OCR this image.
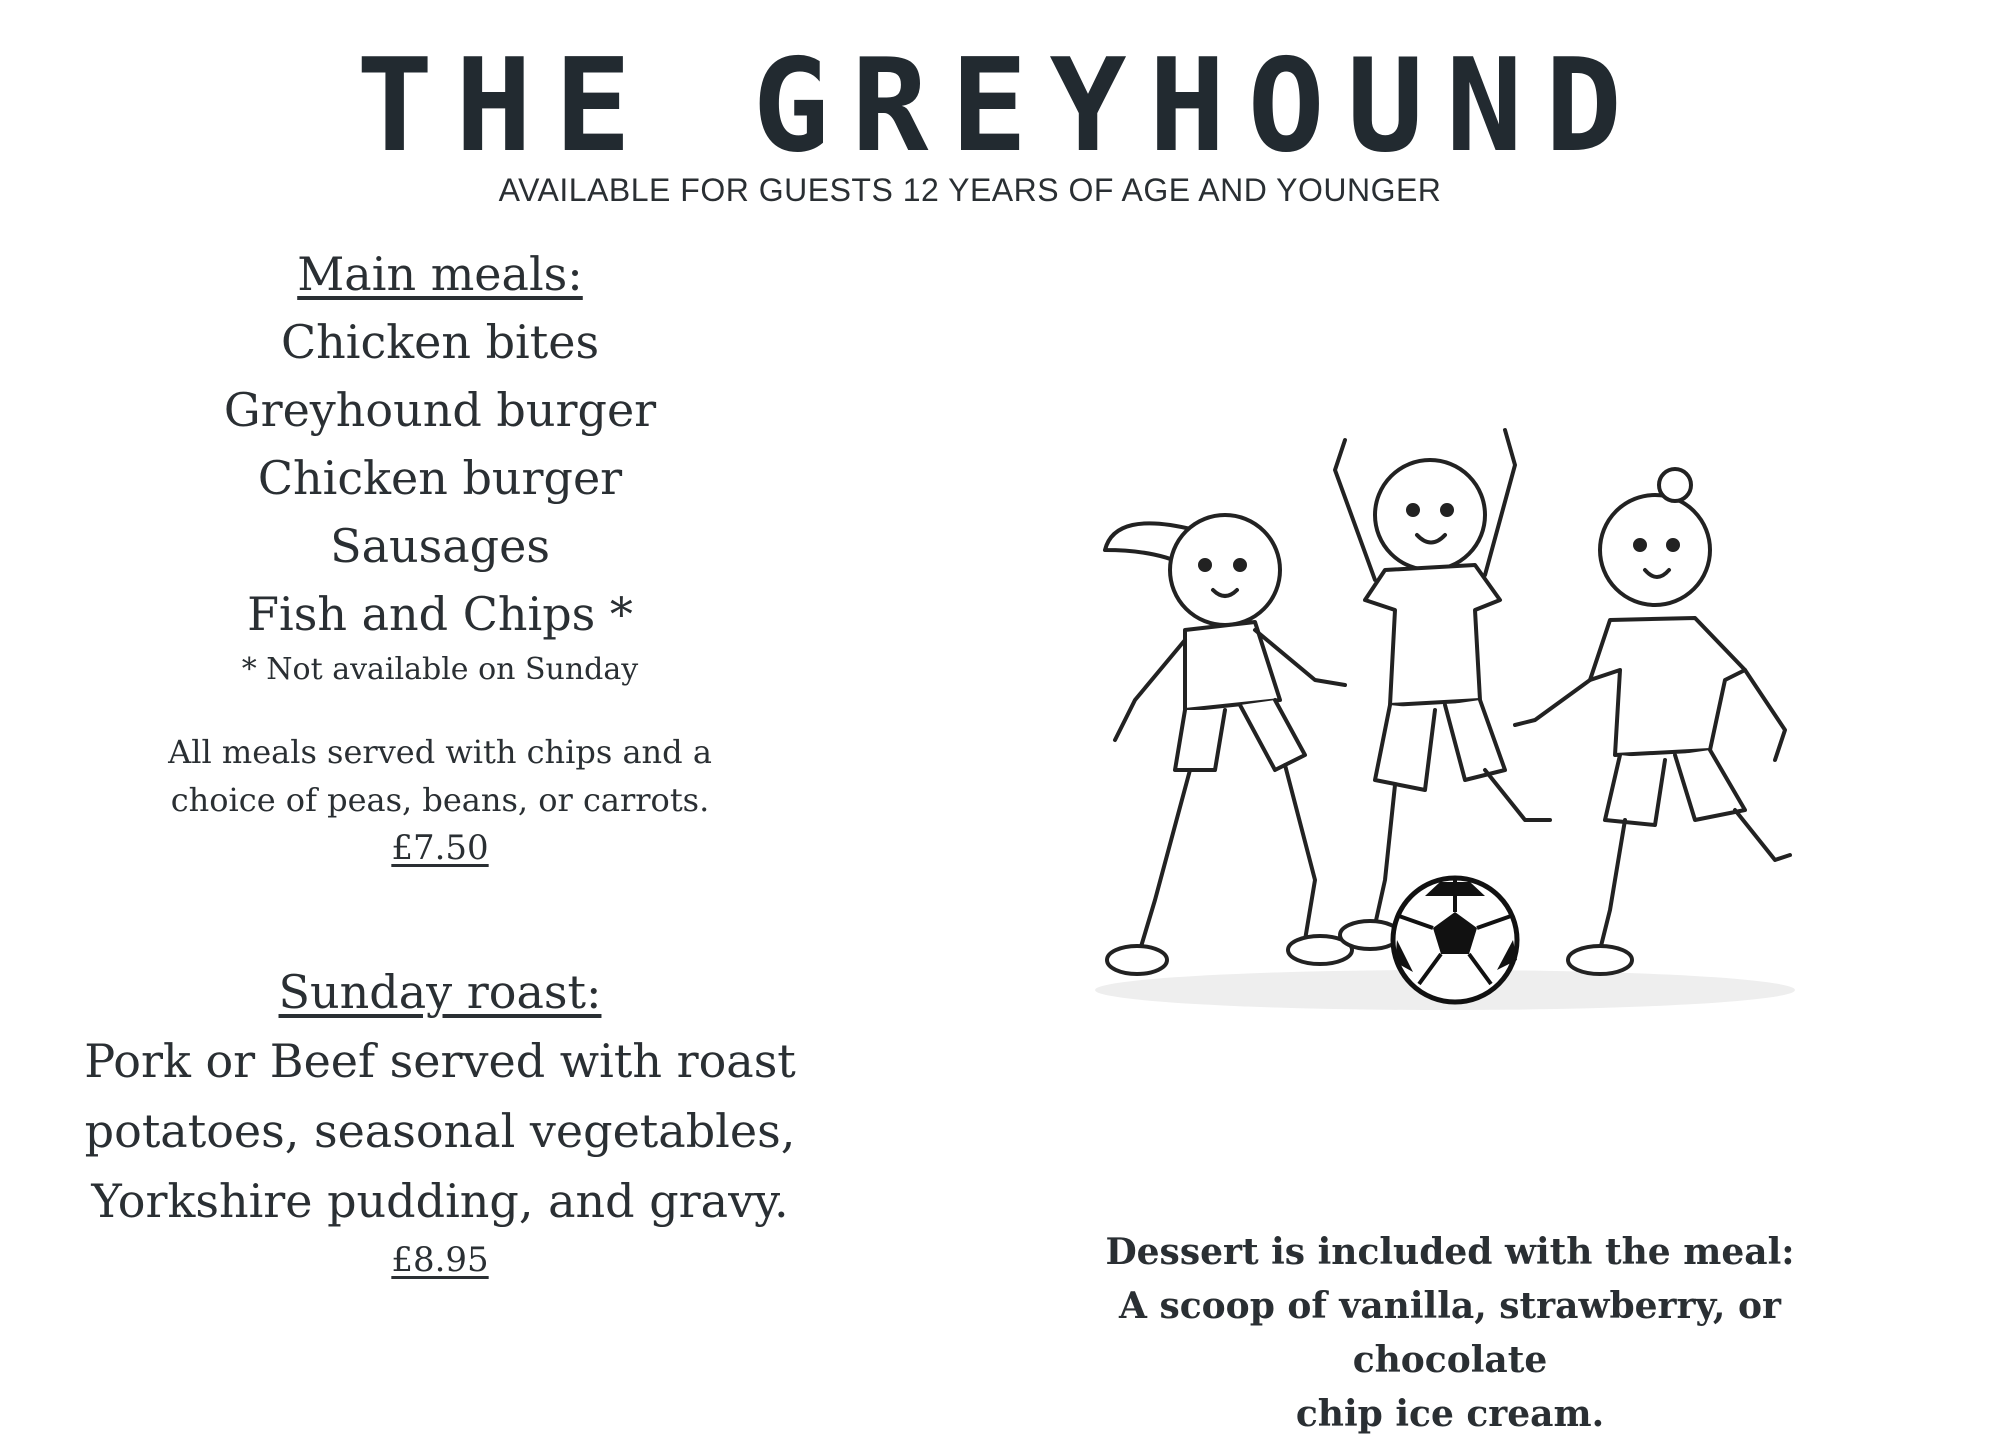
THE GREYHOUND
AVAILABLE FOR GUESTS 12 YEARS OF AGE AND YOUNGER
Main meals:
Chicken bites
Greyhound burger
Chicken burger
Sausages
Fish and Chips *
* Not available on Sunday
All meals served with chips and a
choice of peas, beans, or carrots.
£7.50
Sunday roast:
Pork or Beef served with roast
potatoes, seasonal vegetables,
Yorkshire pudding, and gravy.
£8.95	Dessert is included with the meal:
A scoop of vanilla, strawberry, or chocolate
chip ice cream.
